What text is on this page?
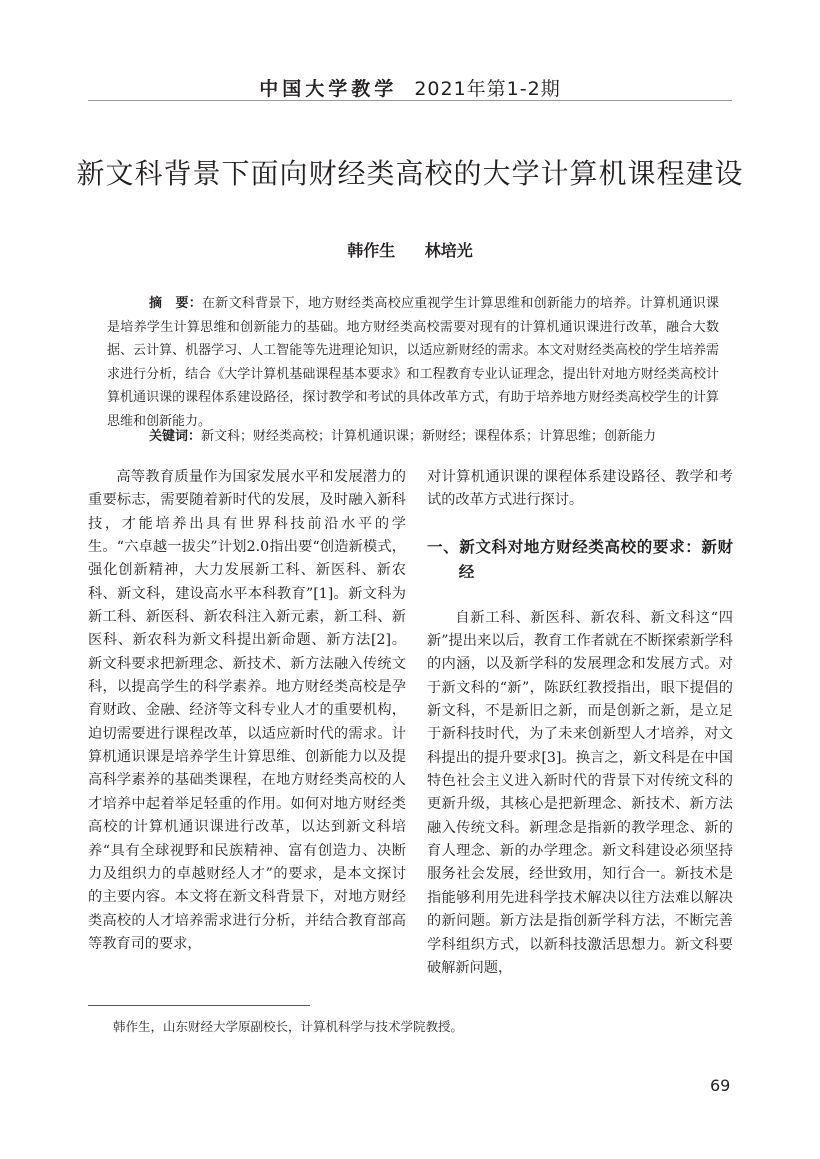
中国大学教学 2021年第1-2期
新文科背景下面向财经类高校的大学计算机课程建设
韩作生 林培光
摘　要：在新文科背景下，地方财经类高校应重视学生计算思维和创新能力的培养。计算机通识课是培养学生计算思维和创新能力的基础。地方财经类高校需要对现有的计算机通识课进行改革，融合大数据、云计算、机器学习、人工智能等先进理论知识，以适应新财经的需求。本文对财经类高校的学生培养需求进行分析，结合《大学计算机基础课程基本要求》和工程教育专业认证理念，提出针对地方财经类高校计算机通识课的课程体系建设路径，探讨教学和考试的具体改革方式，有助于培养地方财经类高校学生的计算思维和创新能力。
关键词：新文科；财经类高校；计算机通识课；新财经；课程体系；计算思维；创新能力

高等教育质量作为国家发展水平和发展潜力的重要标志，需要随着新时代的发展，及时融入新科技，才能培养出具有世界科技前沿水平的学生。“六卓越一拔尖”计划2.0指出要“创造新模式，强化创新精神，大力发展新工科、新医科、新农科、新文科，建设高水平本科教育”[1]。新文科为新工科、新医科、新农科注入新元素，新工科、新医科、新农科为新文科提出新命题、新方法[2]。新文科要求把新理念、新技术、新方法融入传统文科，以提高学生的科学素养。地方财经类高校是孕育财政、金融、经济等文科专业人才的重要机构，迫切需要进行课程改革，以适应新时代的需求。计算机通识课是培养学生计算思维、创新能力以及提高科学素养的基础类课程，在地方财经类高校的人才培养中起着举足轻重的作用。如何对地方财经类高校的计算机通识课进行改革，以达到新文科培养“具有全球视野和民族精神、富有创造力、决断力及组织力的卓越财经人才”的要求，是本文探讨的主要内容。本文将在新文科背景下，对地方财经类高校的人才培养需求进行分析，并结合教育部高等教育司的要求，

对计算机通识课的课程体系建设路径、教学和考试的改革方式进行探讨。

一、新文科对地方财经类高校的要求：新财经

自新工科、新医科、新农科、新文科这“四新”提出来以后，教育工作者就在不断探索新学科的内涵，以及新学科的发展理念和发展方式。对于新文科的“新”，陈跃红教授指出，眼下提倡的新文科，不是新旧之新，而是创新之新，是立足于新科技时代，为了未来创新型人才培养，对文科提出的提升要求[3]。换言之，新文科是在中国特色社会主义进入新时代的背景下对传统文科的更新升级，其核心是把新理念、新技术、新方法融入传统文科。新理念是指新的教学理念、新的育人理念、新的办学理念。新文科建设必须坚持服务社会发展，经世致用，知行合一。新技术是指能够利用先进科学技术解决以往方法难以解决的新问题。新方法是指创新学科方法，不断完善学科组织方式，以新科技激活思想力。新文科要破解新问题，

韩作生，山东财经大学原副校长，计算机科学与技术学院教授。
69
